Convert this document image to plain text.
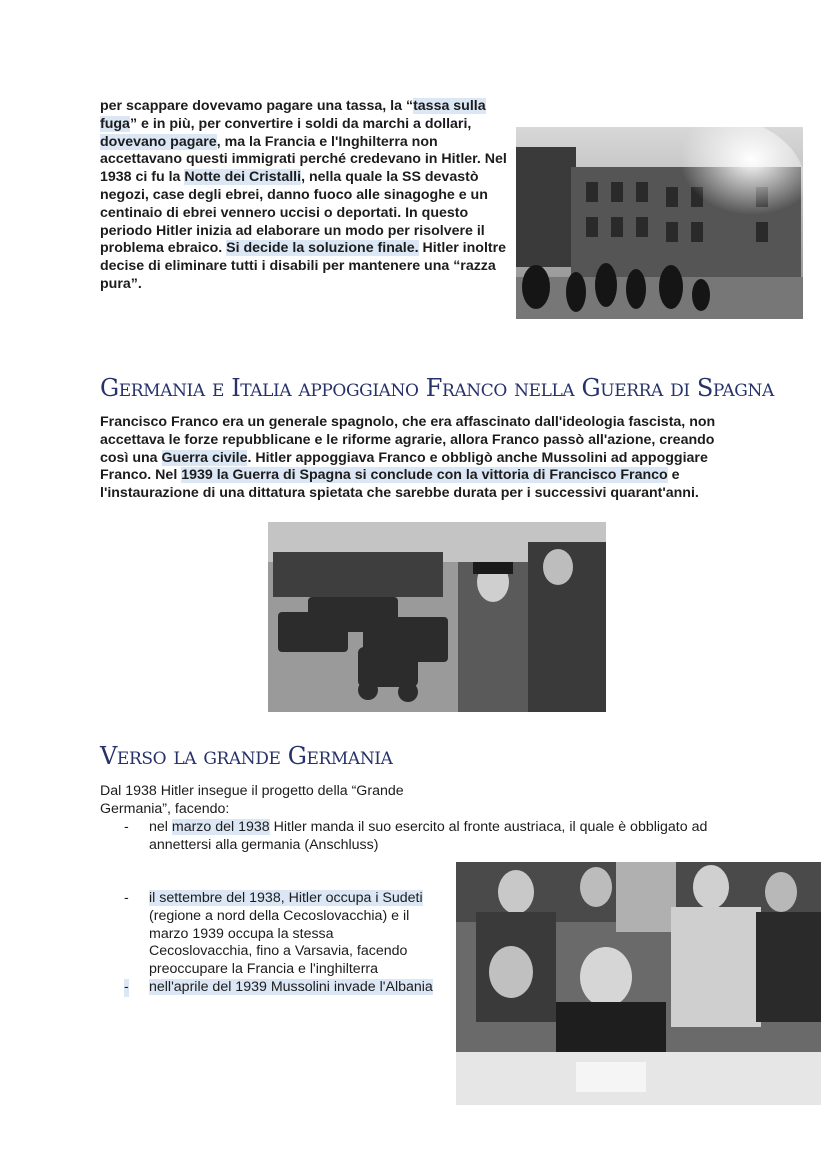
per scappare dovevamo pagare una tassa, la “tassa sulla fuga” e in più, per convertire i soldi da marchi a dollari, dovevano pagare, ma la Francia e l'Inghilterra non accettavano questi immigrati perché credevano in Hitler. Nel 1938 ci fu la Notte dei Cristalli, nella quale la SS devastò negozi, case degli ebrei, danno fuoco alle sinagoghe e un centinaio di ebrei vennero uccisi o deportati. In questo periodo Hitler inizia ad elaborare un modo per risolvere il problema ebraico. Si decide la soluzione finale. Hitler inoltre decise di eliminare tutti i disabili per mantenere una “razza pura”.
Germania e Italia appoggiano Franco nella Guerra di Spagna
Francisco Franco era un generale spagnolo, che era affascinato dall'ideologia fascista, non accettava le forze repubblicane e le riforme agrarie, allora Franco passò all'azione, creando così una Guerra civile. Hitler appoggiava Franco e obbligò anche Mussolini ad appoggiare Franco. Nel 1939 la Guerra di Spagna si conclude con la vittoria di Francisco Franco e l'instaurazione di una dittatura spietata che sarebbe durata per i successivi quarant'anni.
Verso la grande Germania
Dal 1938 Hitler insegue il progetto della “Grande Germania”, facendo:
- nel marzo del 1938 Hitler manda il suo esercito al fronte austriaca, il quale è obbligato ad annettersi alla germania (Anschluss)
- il settembre del 1938, Hitler occupa i Sudeti (regione a nord della Cecoslovacchia) e il marzo 1939 occupa la stessa Cecoslovacchia, fino a Varsavia, facendo preoccupare la Francia e l'inghilterra
- nell'aprile del 1939 Mussolini invade l'Albania
